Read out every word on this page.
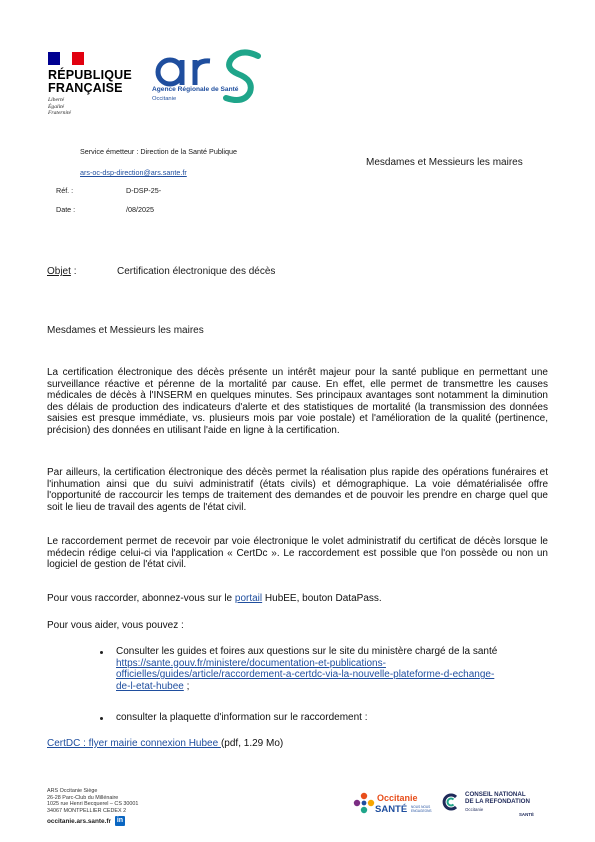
RÉPUBLIQUE
FRANÇAISE
Liberté
Égalité
Fraternité
Agence Régionale de Santé
Occitanie
Service émetteur : Direction de la Santé Publique
ars-oc-dsp-direction@ars.sante.fr
Réf. :	D-DSP-25-
Date :	/08/2025
Mesdames et Messieurs les maires
Objet :	Certification électronique des décès
Mesdames et Messieurs les maires
La certification électronique des décès présente un intérêt majeur pour la santé publique en permettant une surveillance réactive et pérenne de la mortalité par cause. En effet, elle permet de transmettre les causes médicales de décès à l'INSERM en quelques minutes. Ses principaux avantages sont notamment la diminution des délais de production des indicateurs d'alerte et des statistiques de mortalité (la transmission des données saisies est presque immédiate, vs. plusieurs mois par voie postale) et l'amélioration de la qualité (pertinence, précision) des données en utilisant l'aide en ligne à la certification.
Par ailleurs, la certification électronique des décès permet la réalisation plus rapide des opérations funéraires et l'inhumation ainsi que du suivi administratif (états civils) et démographique. La voie dématérialisée offre l'opportunité de raccourcir les temps de traitement des demandes et de pouvoir les prendre en charge quel que soit le lieu de travail des agents de l'état civil.
Le raccordement permet de recevoir par voie électronique le volet administratif du certificat de décès lorsque le médecin rédige celui-ci via l'application « CertDc ». Le raccordement est possible que l'on possède ou non un logiciel de gestion de l'état civil.
Pour vous raccorder, abonnez-vous sur le portail HubEE, bouton DataPass.
Pour vous aider, vous pouvez :
Consulter les guides et foires aux questions sur le site du ministère chargé de la santé
https://sante.gouv.fr/ministere/documentation-et-publications-
officielles/guides/article/raccordement-a-certdc-via-la-nouvelle-plateforme-d-echange-
de-l-etat-hubee ;
consulter la plaquette d'information sur le raccordement :
CertDC : flyer mairie connexion Hubee (pdf, 1.29 Mo)
ARS Occitanie Siège
26-28 Parc-Club du Millénaire
1025 rue Henri Becquerel – CS 30001
34067 MONTPELLIER CEDEX 2
occitanie.ars.sante.fr in
Occitanie
SANTÉ NOUS NOUS ENGAGEONS
CONSEIL NATIONAL
DE LA REFONDATION
Occitanie
SANTÉ
